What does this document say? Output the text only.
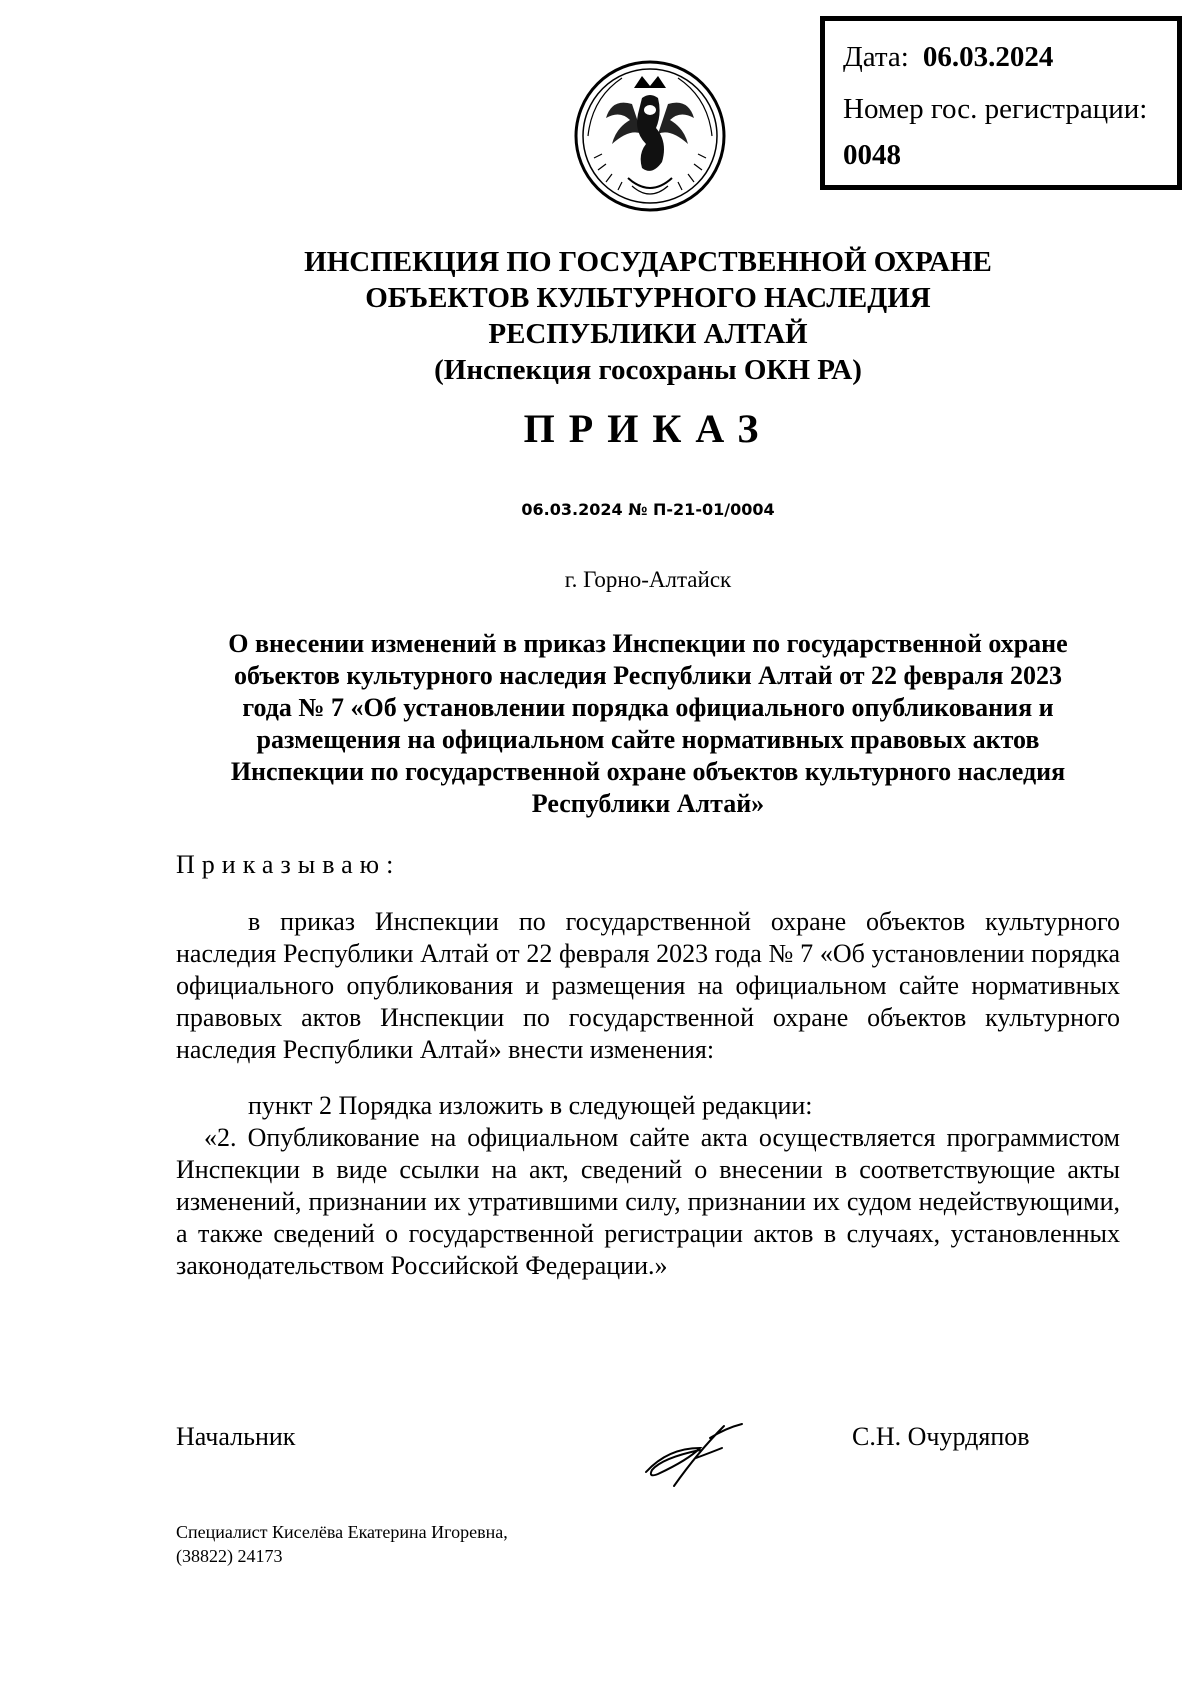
Дата: 06.03.2024
Номер гос. регистрации:
0048
ИНСПЕКЦИЯ ПО ГОСУДАРСТВЕННОЙ ОХРАНЕ
ОБЪЕКТОВ КУЛЬТУРНОГО НАСЛЕДИЯ
РЕСПУБЛИКИ АЛТАЙ
(Инспекция госохраны ОКН РА)
ПРИКАЗ
06.03.2024 № П-21-01/0004
г. Горно-Алтайск
О внесении изменений в приказ Инспекции по государственной охране
объектов культурного наследия Республики Алтай от 22 февраля 2023
года № 7 «Об установлении порядка официального опубликования и
размещения на официальном сайте нормативных правовых актов
Инспекции по государственной охране объектов культурного наследия
Республики Алтай»
Приказываю:
в приказ Инспекции по государственной охране объектов культурного наследия Республики Алтай от 22 февраля 2023 года № 7 «Об установлении порядка официального опубликования и размещения на официальном сайте нормативных правовых актов Инспекции по государственной охране объектов культурного наследия Республики Алтай» внести изменения:
пункт 2 Порядка изложить в следующей редакции:
«2. Опубликование на официальном сайте акта осуществляется программистом Инспекции в виде ссылки на акт, сведений о внесении в соответствующие акты изменений, признании их утратившими силу, признании их судом недействующими, а также сведений о государственной регистрации актов в случаях, установленных законодательством Российской Федерации.»
Начальник	С.Н. Очурдяпов
Специалист Киселёва Екатерина Игоревна,
(38822) 24173
